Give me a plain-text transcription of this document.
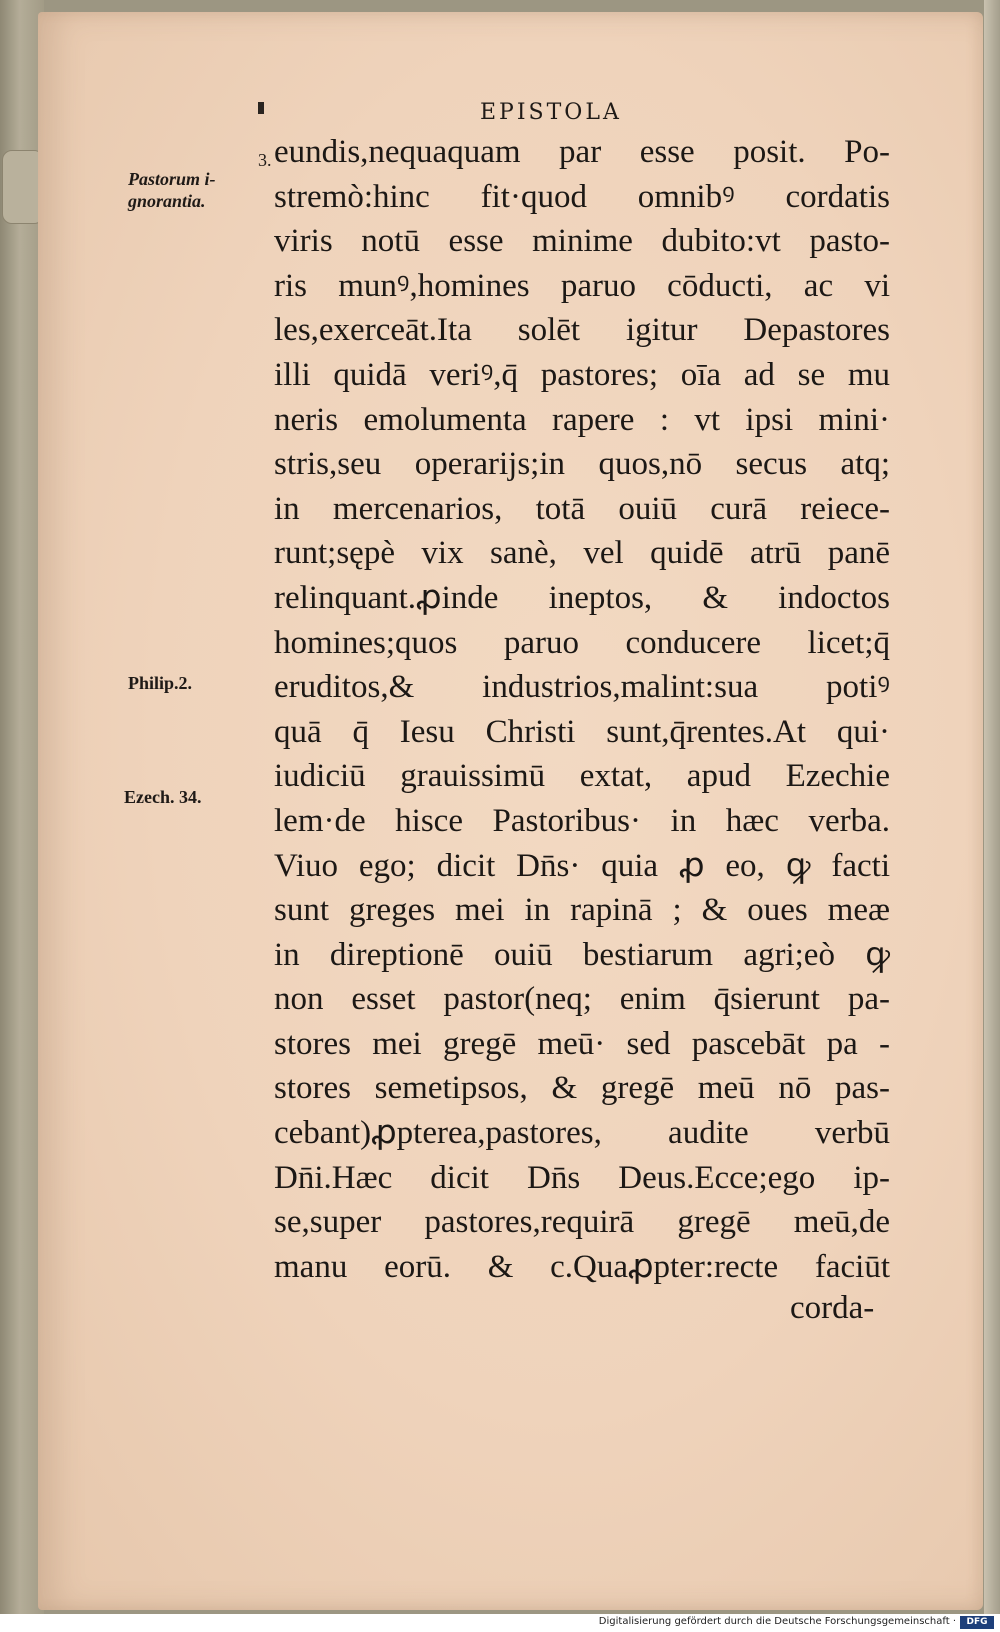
EPISTOLA
3.
Pastorum i-
gnorantia.
Philip.2.
Ezech. 34.
eundis,nequaquam par esse posit. Po-
stremò:hinc fit·quod omnibꝰ cordatis
viris notū esse minime dubito:vt pasto-
ris munꝰ,homines paruo cōducti, ac vi
les,exerceāt.Ita solēt igitur Depastores
illi quidā veriꝰ,q̄ pastores; oīa ad se mu
neris emolumenta rapere : vt ipsi mini·
stris,seu operarijs;in quos,nō secus atq;
in mercenarios, totā ouiū curā reiece-
runt;sępè vix sanè, vel quidē atrū panē
relinquant.ꝓinde ineptos, & indoctos
homines;quos paruo conducere licet;q̄
eruditos,& industrios,malint:sua potiꝰ
quā q̄ Iesu Christi sunt,q̄rentes.At qui·
iudiciū grauissimū extat, apud Ezechie
lem·de hisce Pastoribus· in hæc verba.
Viuo ego; dicit Dn̄s· quia ꝓ eo, ꝙ facti
sunt greges mei in rapinā ; & oues meæ
in direptionē ouiū bestiarum agri;eò ꝙ
non esset pastor(neq; enim q̄sierunt pa-
stores mei gregē meū· sed pascebāt pa -
stores semetipsos, & gregē meū nō pas-
cebant)ꝓpterea,pastores, audite verbū
Dn̄i.Hæc dicit Dn̄s Deus.Ecce;ego ip-
se,super pastores,requirā gregē meū,de
manu eorū. & c.Quaꝓpter:recte faciūt
corda-
Digitalisierung gefördert durch die Deutsche Forschungsgemeinschaft ·	DFG
